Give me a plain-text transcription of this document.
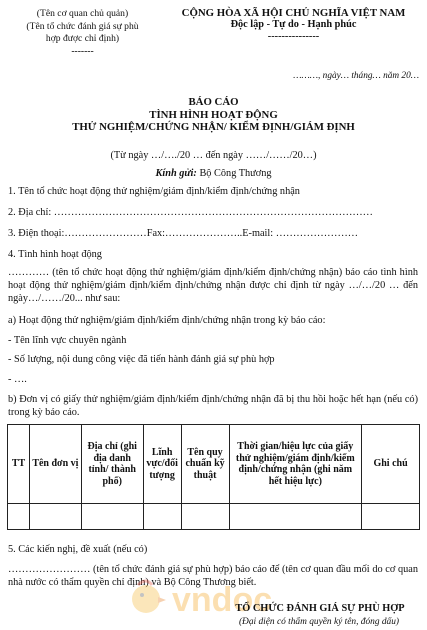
(Tên cơ quan chủ quản)
(Tên tổ chức đánh giá sự phù
hợp được chỉ định)
-------
CỘNG HÒA XÃ HỘI CHỦ NGHĨA VIỆT NAM
Độc lập - Tự do - Hạnh phúc
---------------
………, ngày… tháng… năm 20…
BÁO CÁO
TÌNH HÌNH HOẠT ĐỘNG
THỬ NGHIỆM/CHỨNG NHẬN/ KIỂM ĐỊNH/GIÁM ĐỊNH
(Từ ngày …/…./20 … đến ngày ……/……/20…)
Kính gửi: Bộ Công Thương
1. Tên tổ chức hoạt động thử nghiệm/giám định/kiểm định/chứng nhận
2. Địa chỉ: …………………………………………………………………………………
3. Điện thoại:……………………Fax:…………………..E-mail: ……………………
4. Tình hình hoạt động
………… (tên tổ chức hoạt động thử nghiệm/giám định/kiểm định/chứng nhận) báo cáo tình hình hoạt động thử nghiệm/giám định/kiểm định/chứng nhận được chỉ định từ ngày …/…/20 … đến ngày…/……/20... như sau:
a) Hoạt động thử nghiệm/giám định/kiểm định/chứng nhận trong kỳ báo cáo:
- Tên lĩnh vực chuyên ngành
- Số lượng, nội dung công việc đã tiến hành đánh giá sự phù hợp
- ….
b) Đơn vị có giấy thử nghiệm/giám định/kiểm định/chứng nhận đã bị thu hồi hoặc hết hạn (nếu có) trong kỳ báo cáo.
TT	Tên đơn vị	Địa chỉ (ghi địa danh tỉnh/ thành phố)	Lĩnh vực/đối tượng	Tên quy chuẩn kỹ thuật	Thời gian/hiệu lực của giấy thử nghiệm/giám định/kiểm định/chứng nhận (ghi năm hết hiệu lực)	Ghi chú

5. Các kiến nghị, đề xuất (nếu có)
…………………… (tên tổ chức đánh giá sự phù hợp) báo cáo để (tên cơ quan đầu mối do cơ quan nhà nước có thẩm quyền chỉ định) và Bộ Công Thương biết.
vndoc
TỔ CHỨC ĐÁNH GIÁ SỰ PHÙ HỢP
(Đại diện có thẩm quyền ký tên, đóng dấu)
